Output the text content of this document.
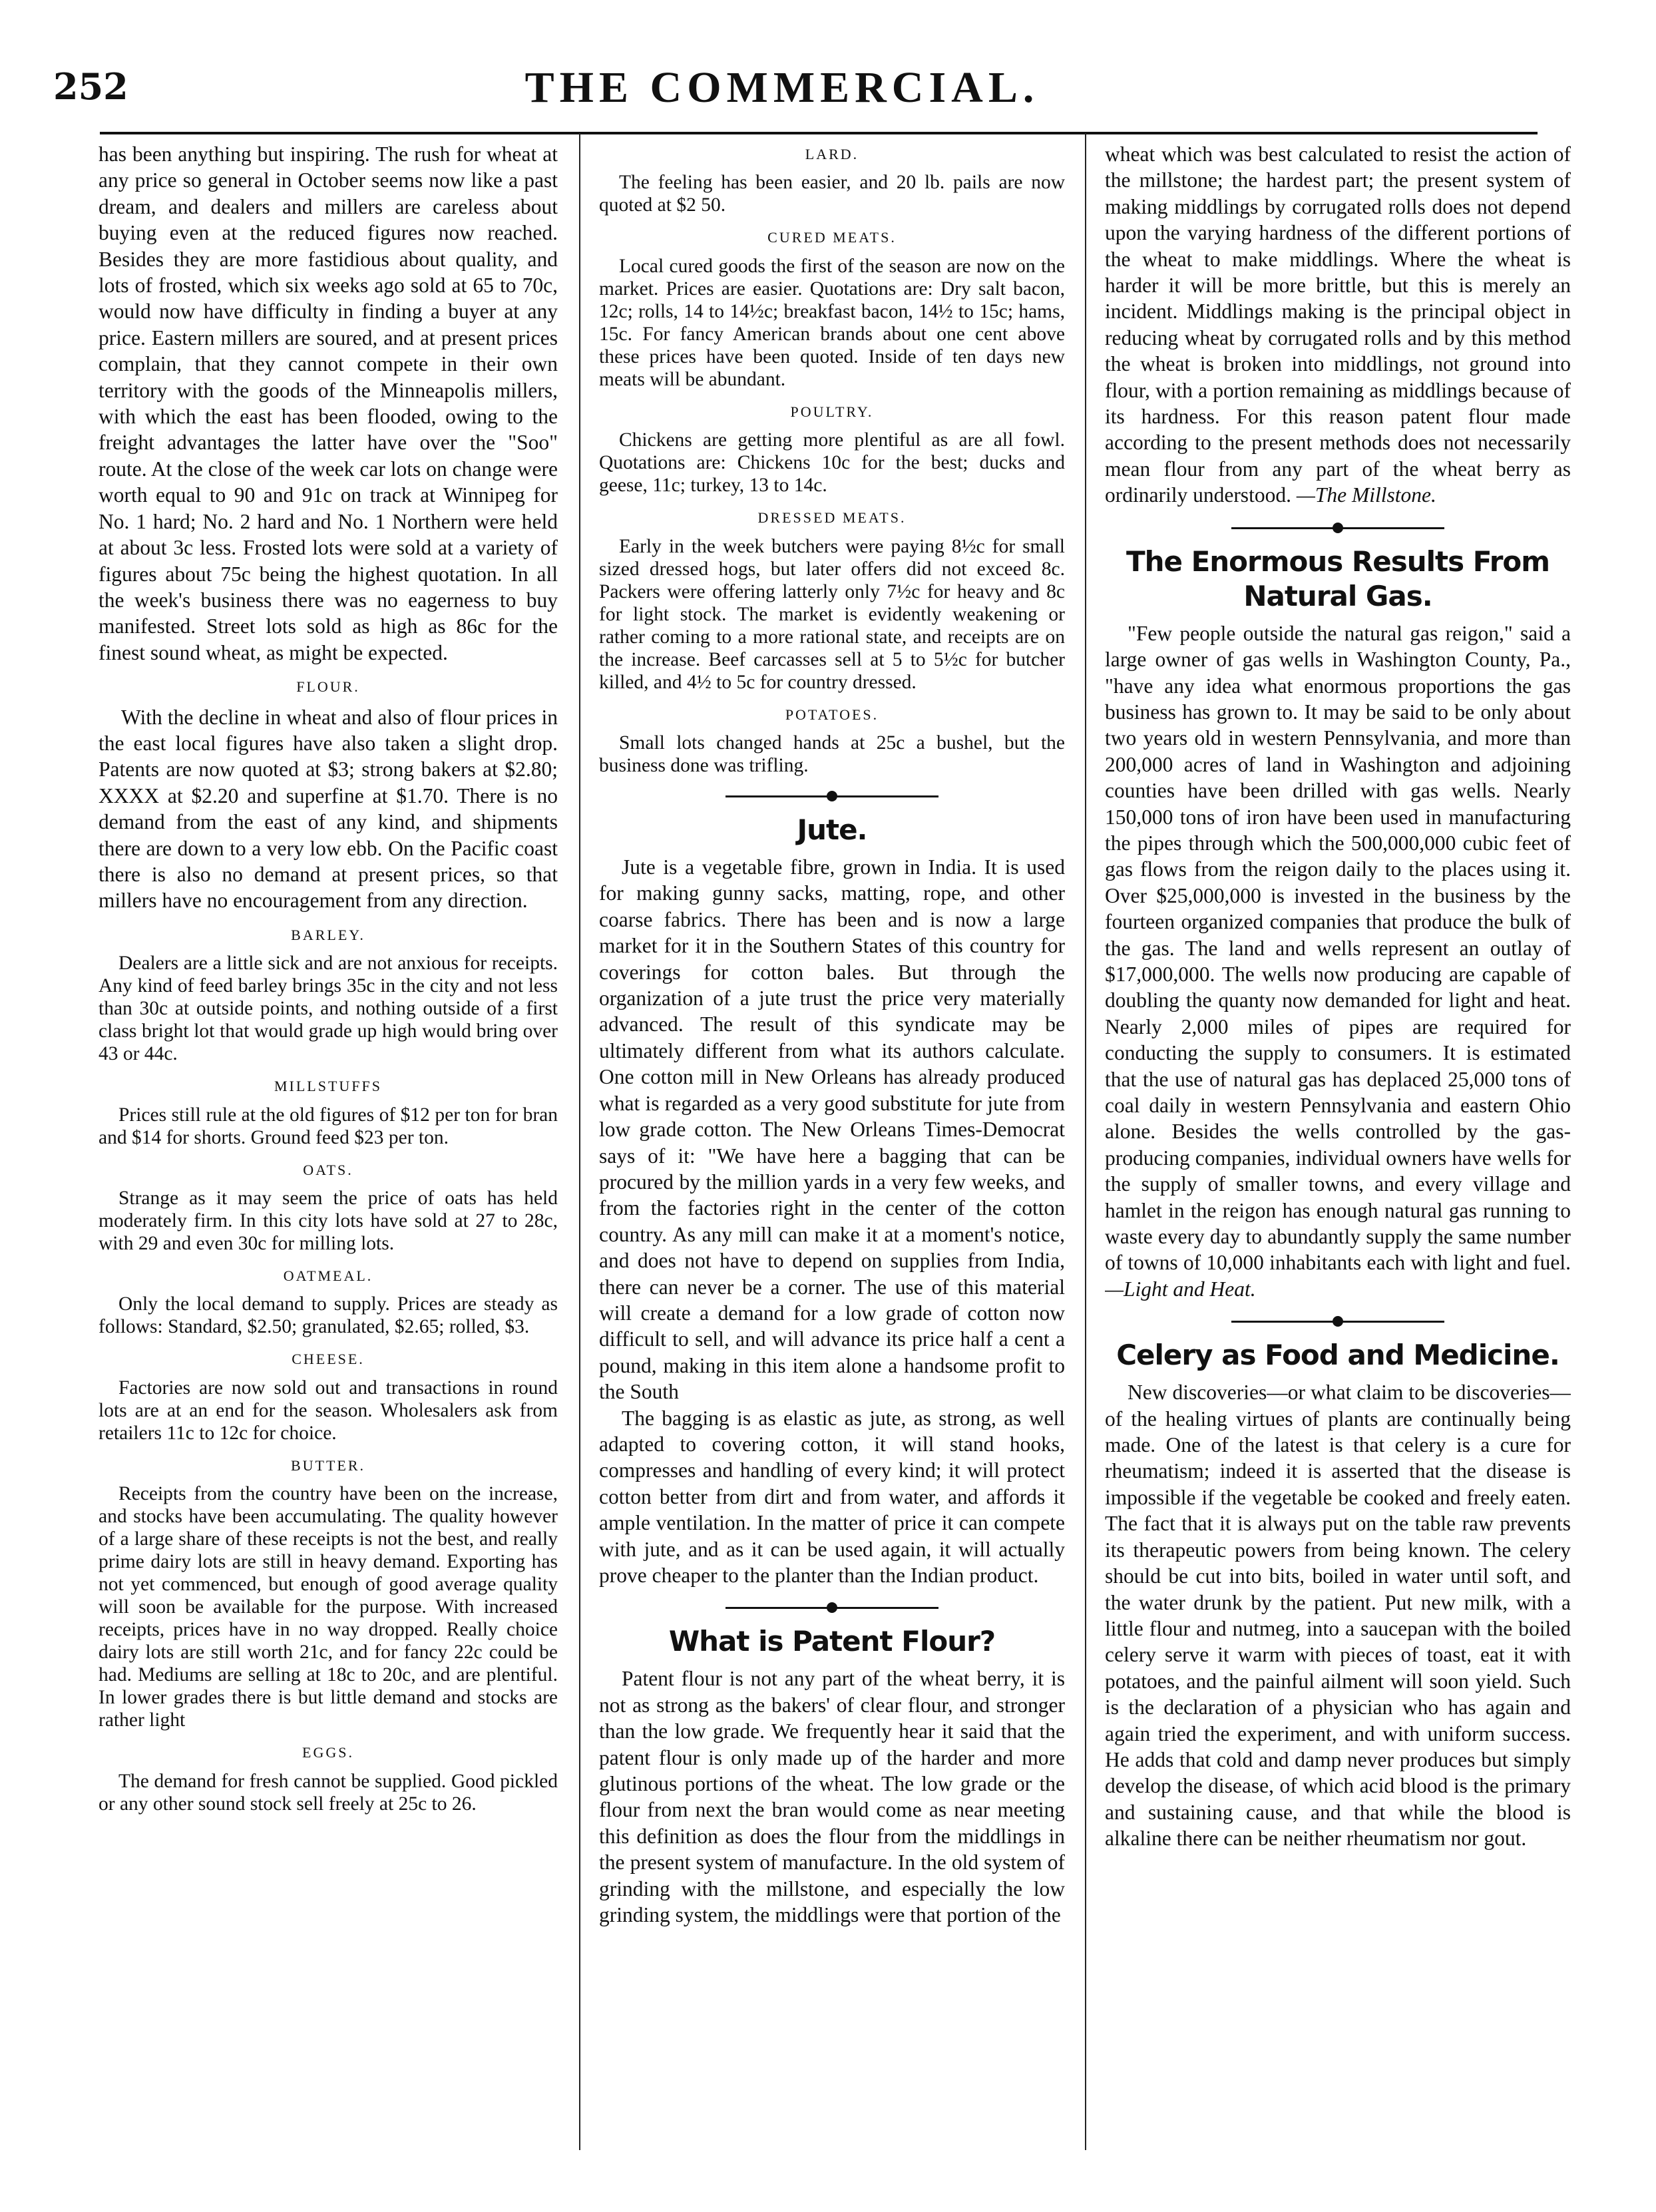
252	THE COMMERCIAL.

has been anything but inspiring. The rush for wheat at any price so general in October seems now like a past dream, and dealers and millers are careless about buying even at the reduced figures now reached. Besides they are more fastidious about quality, and lots of frosted, which six weeks ago sold at 65 to 70c, would now have difficulty in finding a buyer at any price. Eastern millers are soured, and at present prices complain, that they cannot compete in their own territory with the goods of the Minneapolis millers, with which the east has been flooded, owing to the freight advantages the latter have over the "Soo" route. At the close of the week car lots on change were worth equal to 90 and 91c on track at Winnipeg for No. 1 hard; No. 2 hard and No. 1 Northern were held at about 3c less. Frosted lots were sold at a variety of figures about 75c being the highest quotation. In all the week's business there was no eagerness to buy manifested. Street lots sold as high as 86c for the finest sound wheat, as might be expected.

FLOUR.

With the decline in wheat and also of flour prices in the east local figures have also taken a slight drop. Patents are now quoted at $3; strong bakers at $2.80; XXXX at $2.20 and superfine at $1.70. There is no demand from the east of any kind, and shipments there are down to a very low ebb. On the Pacific coast there is also no demand at present prices, so that millers have no encouragement from any direction.

BARLEY.

Dealers are a little sick and are not anxious for receipts. Any kind of feed barley brings 35c in the city and not less than 30c at outside points, and nothing outside of a first class bright lot that would grade up high would bring over 43 or 44c.

MILLSTUFFS

Prices still rule at the old figures of $12 per ton for bran and $14 for shorts. Ground feed $23 per ton.

OATS.

Strange as it may seem the price of oats has held moderately firm. In this city lots have sold at 27 to 28c, with 29 and even 30c for milling lots.

OATMEAL.

Only the local demand to supply. Prices are steady as follows: Standard, $2.50; granulated, $2.65; rolled, $3.

CHEESE.

Factories are now sold out and transactions in round lots are at an end for the season. Wholesalers ask from retailers 11c to 12c for choice.

BUTTER.

Receipts from the country have been on the increase, and stocks have been accumulating. The quality however of a large share of these receipts is not the best, and really prime dairy lots are still in heavy demand. Exporting has not yet commenced, but enough of good average quality will soon be available for the purpose. With increased receipts, prices have in no way dropped. Really choice dairy lots are still worth 21c, and for fancy 22c could be had. Mediums are selling at 18c to 20c, and are plentiful. In lower grades there is but little demand and stocks are rather light

EGGS.

The demand for fresh cannot be supplied. Good pickled or any other sound stock sell freely at 25c to 26.

LARD.

The feeling has been easier, and 20 lb. pails are now quoted at $2 50.

CURED MEATS.

Local cured goods the first of the season are now on the market. Prices are easier. Quotations are: Dry salt bacon, 12c; rolls, 14 to 14½c; breakfast bacon, 14½ to 15c; hams, 15c. For fancy American brands about one cent above these prices have been quoted. Inside of ten days new meats will be abundant.

POULTRY.

Chickens are getting more plentiful as are all fowl. Quotations are: Chickens 10c for the best; ducks and geese, 11c; turkey, 13 to 14c.

DRESSED MEATS.

Early in the week butchers were paying 8½c for small sized dressed hogs, but later offers did not exceed 8c. Packers were offering latterly only 7½c for heavy and 8c for light stock. The market is evidently weakening or rather coming to a more rational state, and receipts are on the increase. Beef carcasses sell at 5 to 5½c for butcher killed, and 4½ to 5c for country dressed.

POTATOES.

Small lots changed hands at 25c a bushel, but the business done was trifling.

Jute.

Jute is a vegetable fibre, grown in India. It is used for making gunny sacks, matting, rope, and other coarse fabrics. There has been and is now a large market for it in the Southern States of this country for coverings for cotton bales. But through the organization of a jute trust the price very materially advanced. The result of this syndicate may be ultimately different from what its authors calculate. One cotton mill in New Orleans has already produced what is regarded as a very good substitute for jute from low grade cotton. The New Orleans Times-Democrat says of it: "We have here a bagging that can be procured by the million yards in a very few weeks, and from the factories right in the center of the cotton country. As any mill can make it at a moment's notice, and does not have to depend on supplies from India, there can never be a corner. The use of this material will create a demand for a low grade of cotton now difficult to sell, and will advance its price half a cent a pound, making in this item alone a handsome profit to the South

The bagging is as elastic as jute, as strong, as well adapted to covering cotton, it will stand hooks, compresses and handling of every kind; it will protect cotton better from dirt and from water, and affords it ample ventilation. In the matter of price it can compete with jute, and as it can be used again, it will actually prove cheaper to the planter than the Indian product.

What is Patent Flour?

Patent flour is not any part of the wheat berry, it is not as strong as the bakers' of clear flour, and stronger than the low grade. We frequently hear it said that the patent flour is only made up of the harder and more glutinous portions of the wheat. The low grade or the flour from next the bran would come as near meeting this definition as does the flour from the middlings in the present system of manufacture. In the old system of grinding with the millstone, and especially the low grinding system, the middlings were that portion of the

wheat which was best calculated to resist the action of the millstone; the hardest part; the present system of making middlings by corrugated rolls does not depend upon the varying hardness of the different portions of the wheat to make middlings. Where the wheat is harder it will be more brittle, but this is merely an incident. Middlings making is the principal object in reducing wheat by corrugated rolls and by this method the wheat is broken into middlings, not ground into flour, with a portion remaining as middlings because of its hardness. For this reason patent flour made according to the present methods does not necessarily mean flour from any part of the wheat berry as ordinarily understood. —The Millstone.

The Enormous Results From Natural Gas.

"Few people outside the natural gas reigon," said a large owner of gas wells in Washington County, Pa., "have any idea what enormous proportions the gas business has grown to. It may be said to be only about two years old in western Pennsylvania, and more than 200,000 acres of land in Washington and adjoining counties have been drilled with gas wells. Nearly 150,000 tons of iron have been used in manufacturing the pipes through which the 500,000,000 cubic feet of gas flows from the reigon daily to the places using it. Over $25,000,000 is invested in the business by the fourteen organized companies that produce the bulk of the gas. The land and wells represent an outlay of $17,000,000. The wells now producing are capable of doubling the quanty now demanded for light and heat. Nearly 2,000 miles of pipes are required for conducting the supply to consumers. It is estimated that the use of natural gas has deplaced 25,000 tons of coal daily in western Pennsylvania and eastern Ohio alone. Besides the wells controlled by the gas-producing companies, individual owners have wells for the supply of smaller towns, and every village and hamlet in the reigon has enough natural gas running to waste every day to abundantly supply the same number of towns of 10,000 inhabitants each with light and fuel. —Light and Heat.

Celery as Food and Medicine.

New discoveries—or what claim to be discoveries—of the healing virtues of plants are continually being made. One of the latest is that celery is a cure for rheumatism; indeed it is asserted that the disease is impossible if the vegetable be cooked and freely eaten. The fact that it is always put on the table raw prevents its therapeutic powers from being known. The celery should be cut into bits, boiled in water until soft, and the water drunk by the patient. Put new milk, with a little flour and nutmeg, into a saucepan with the boiled celery serve it warm with pieces of toast, eat it with potatoes, and the painful ailment will soon yield. Such is the declaration of a physician who has again and again tried the experiment, and with uniform success. He adds that cold and damp never produces but simply develop the disease, of which acid blood is the primary and sustaining cause, and that while the blood is alkaline there can be neither rheumatism nor gout.
